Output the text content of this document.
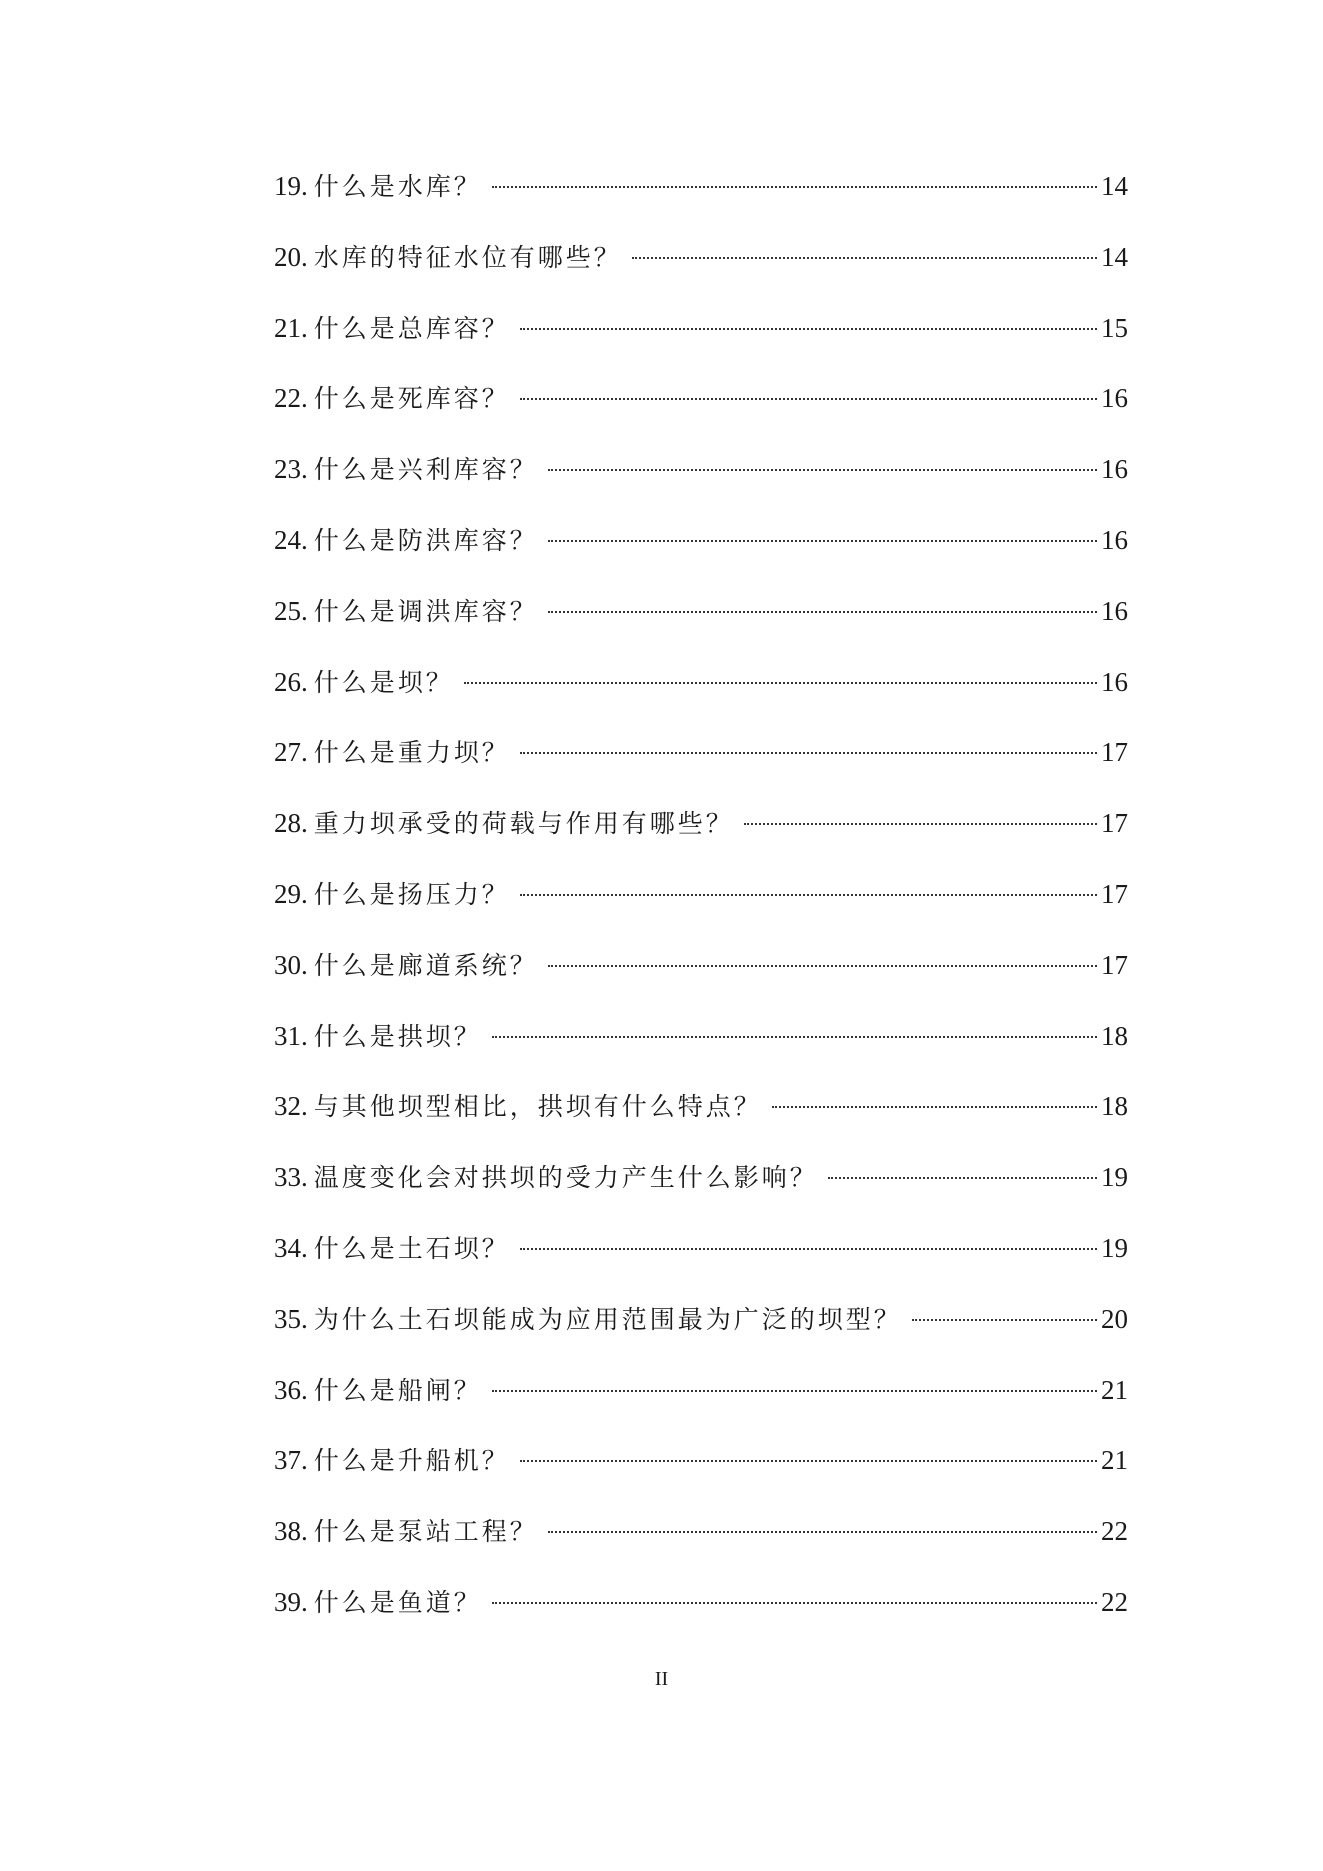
19. 什么是水库？	14
20. 水库的特征水位有哪些？	14
21. 什么是总库容？	15
22. 什么是死库容？	16
23. 什么是兴利库容？	16
24. 什么是防洪库容？	16
25. 什么是调洪库容？	16
26. 什么是坝？	16
27. 什么是重力坝？	17
28. 重力坝承受的荷载与作用有哪些？	17
29. 什么是扬压力？	17
30. 什么是廊道系统？	17
31. 什么是拱坝？	18
32. 与其他坝型相比，拱坝有什么特点？	18
33. 温度变化会对拱坝的受力产生什么影响？	19
34. 什么是土石坝？	19
35. 为什么土石坝能成为应用范围最为广泛的坝型？	20
36. 什么是船闸？	21
37. 什么是升船机？	21
38. 什么是泵站工程？	22
39. 什么是鱼道？	22
II
